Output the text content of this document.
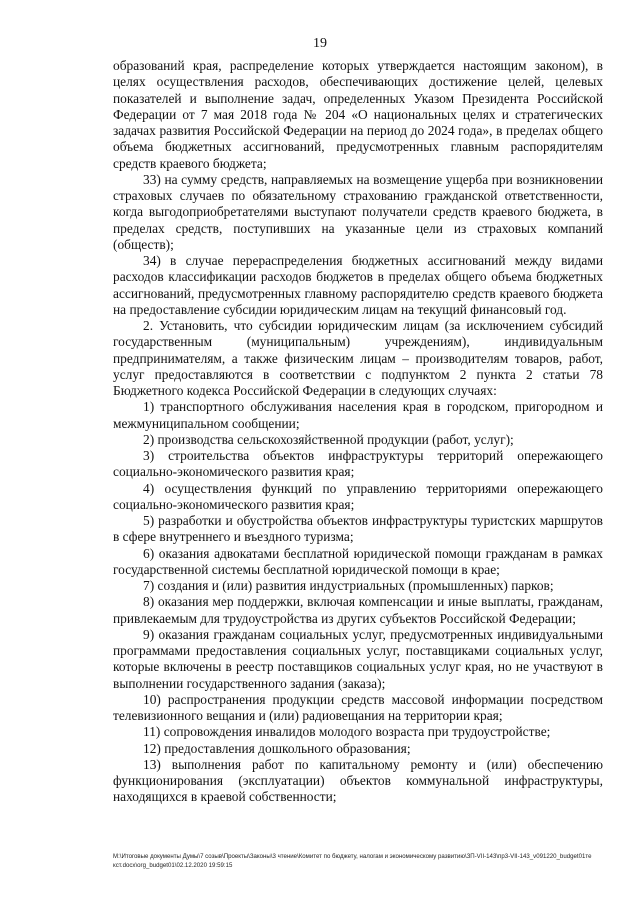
19

образований края, распределение которых утверждается настоящим законом), в целях осуществления расходов, обеспечивающих достижение целей, целевых показателей и выполнение задач, определенных Указом Президента Российской Федерации от 7 мая 2018 года № 204 «О национальных целях и стратегических задачах развития Российской Федерации на период до 2024 года», в пределах общего объема бюджетных ассигнований, предусмотренных главным распорядителям средств краевого бюджета;

33) на сумму средств, направляемых на возмещение ущерба при возникновении страховых случаев по обязательному страхованию гражданской ответственности, когда выгодоприобретателями выступают получатели средств краевого бюджета, в пределах средств, поступивших на указанные цели из страховых компаний (обществ);

34) в случае перераспределения бюджетных ассигнований между видами расходов классификации расходов бюджетов в пределах общего объема бюджетных ассигнований, предусмотренных главному распорядителю средств краевого бюджета на предоставление субсидии юридическим лицам на текущий финансовый год.

2. Установить, что субсидии юридическим лицам (за исключением субсидий государственным (муниципальным) учреждениям), индивидуальным предпринимателям, а также физическим лицам – производителям товаров, работ, услуг предоставляются в соответствии с подпунктом 2 пункта 2 статьи 78 Бюджетного кодекса Российской Федерации в следующих случаях:

1) транспортного обслуживания населения края в городском, пригородном и межмуниципальном сообщении;

2) производства сельскохозяйственной продукции (работ, услуг);

3) строительства объектов инфраструктуры территорий опережающего социально-экономического развития края;

4) осуществления функций по управлению территориями опережающего социально-экономического развития края;

5) разработки и обустройства объектов инфраструктуры туристских маршрутов в сфере внутреннего и въездного туризма;

6) оказания адвокатами бесплатной юридической помощи гражданам в рамках государственной системы бесплатной юридической помощи в крае;

7) создания и (или) развития индустриальных (промышленных) парков;

8) оказания мер поддержки, включая компенсации и иные выплаты, гражданам, привлекаемым для трудоустройства из других субъектов Российской Федерации;

9) оказания гражданам социальных услуг, предусмотренных индивидуальными программами предоставления социальных услуг, поставщиками социальных услуг, которые включены в реестр поставщиков социальных услуг края, но не участвуют в выполнении государственного задания (заказа);

10) распространения продукции средств массовой информации посредством телевизионного вещания и (или) радиовещания на территории края;

11) сопровождения инвалидов молодого возраста при трудоустройстве;

12) предоставления дошкольного образования;

13) выполнения работ по капитальному ремонту и (или) обеспечению функционирования (эксплуатации) объектов коммунальной инфраструктуры, находящихся в краевой собственности;

M:\Итоговые документы Думы\7 созыв\Проекты\Законы\3 чтение\Комитет по бюджету, налогам и экономическому развитию\ЗП-VII-143\пр3-VII-143_v091220_budget01текст.docx\org_budget01\02.12.2020 19:59:15
